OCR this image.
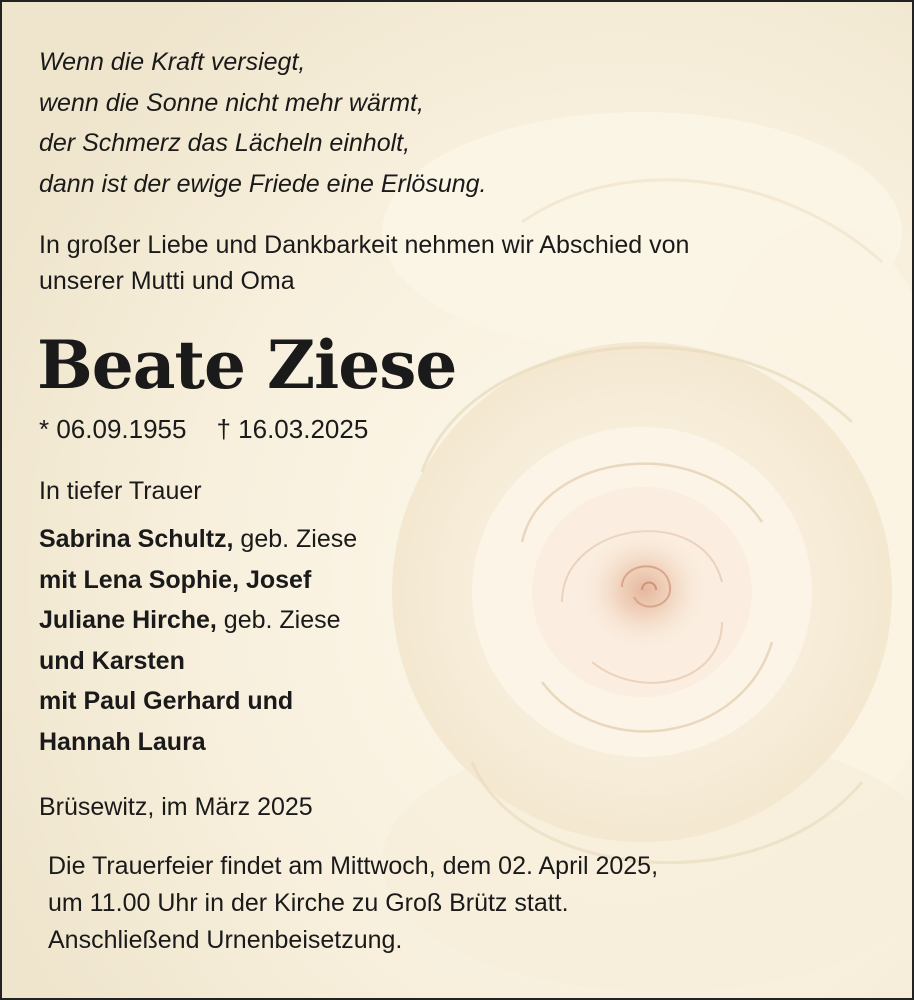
Wenn die Kraft versiegt,
wenn die Sonne nicht mehr wärmt,
der Schmerz das Lächeln einholt,
dann ist der ewige Friede eine Erlösung.
In großer Liebe und Dankbarkeit nehmen wir Abschied von
unserer Mutti und Oma
Beate Ziese
* 06.09.1955 † 16.03.2025
In tiefer Trauer
Sabrina Schultz, geb. Ziese
mit Lena Sophie, Josef
Juliane Hirche, geb. Ziese
und Karsten
mit Paul Gerhard und
Hannah Laura
Brüsewitz, im März 2025
Die Trauerfeier findet am Mittwoch, dem 02. April 2025,
um 11.00 Uhr in der Kirche zu Groß Brütz statt.
Anschließend Urnenbeisetzung.
